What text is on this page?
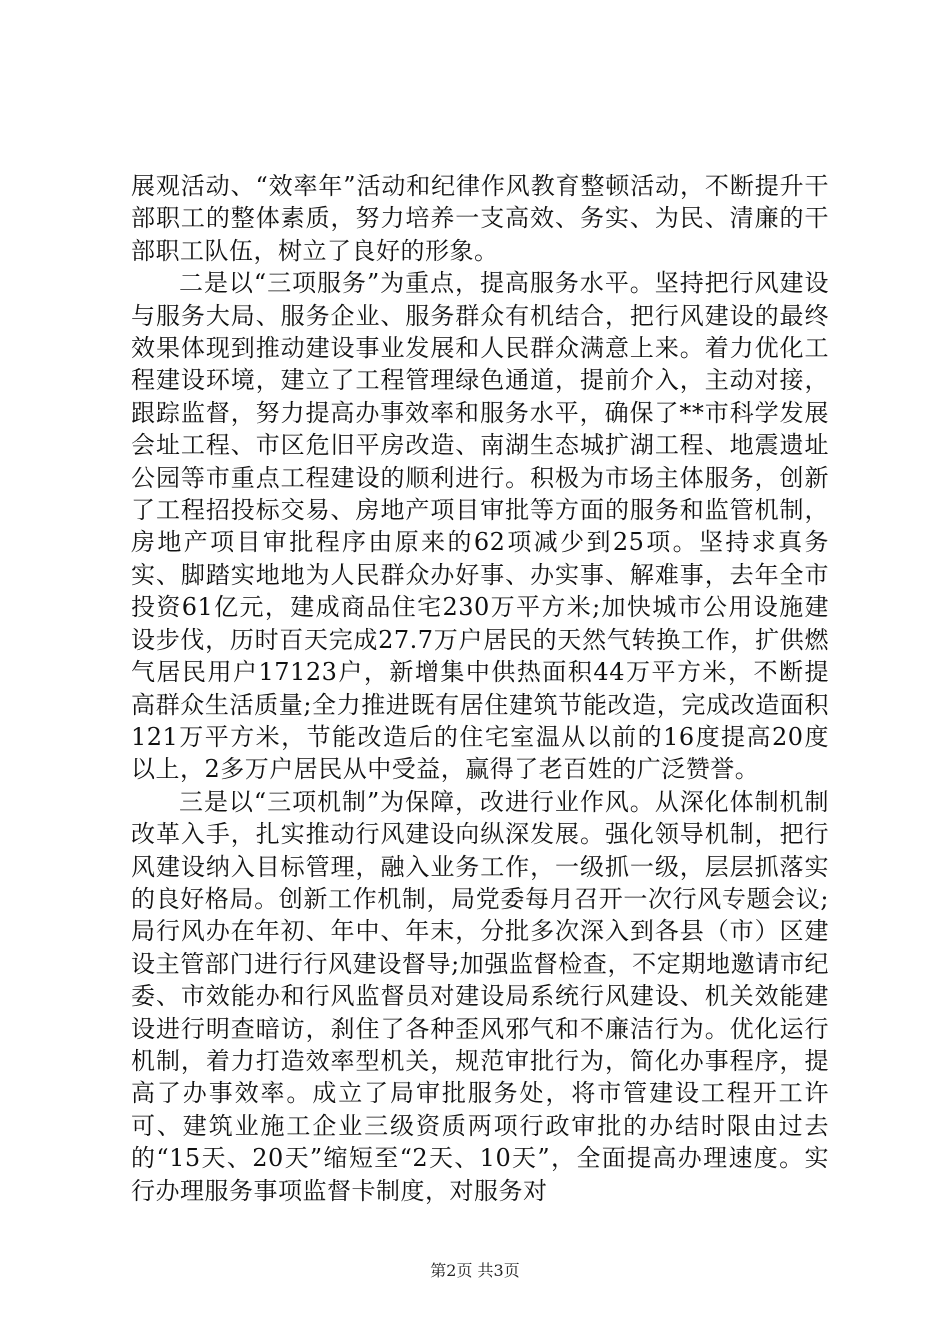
展观活动、“效率年”活动和纪律作风教育整顿活动，不断提升干部职工的整体素质，努力培养一支高效、务实、为民、清廉的干部职工队伍，树立了良好的形象。

二是以“三项服务”为重点，提高服务水平。坚持把行风建设与服务大局、服务企业、服务群众有机结合，把行风建设的最终效果体现到推动建设事业发展和人民群众满意上来。着力优化工程建设环境，建立了工程管理绿色通道，提前介入，主动对接，跟踪监督，努力提高办事效率和服务水平，确保了**市科学发展会址工程、市区危旧平房改造、南湖生态城扩湖工程、地震遗址公园等市重点工程建设的顺利进行。积极为市场主体服务，创新了工程招投标交易、房地产项目审批等方面的服务和监管机制，房地产项目审批程序由原来的62项减少到25项。坚持求真务实、脚踏实地地为人民群众办好事、办实事、解难事，去年全市投资61亿元，建成商品住宅230万平方米;加快城市公用设施建设步伐，历时百天完成27.7万户居民的天然气转换工作，扩供燃气居民用户17123户，新增集中供热面积44万平方米，不断提高群众生活质量;全力推进既有居住建筑节能改造，完成改造面积121万平方米，节能改造后的住宅室温从以前的16度提高20度以上，2多万户居民从中受益，赢得了老百姓的广泛赞誉。

三是以“三项机制”为保障，改进行业作风。从深化体制机制改革入手，扎实推动行风建设向纵深发展。强化领导机制，把行风建设纳入目标管理，融入业务工作，一级抓一级，层层抓落实的良好格局。创新工作机制，局党委每月召开一次行风专题会议;局行风办在年初、年中、年末，分批多次深入到各县（市）区建设主管部门进行行风建设督导;加强监督检查，不定期地邀请市纪委、市效能办和行风监督员对建设局系统行风建设、机关效能建设进行明查暗访，刹住了各种歪风邪气和不廉洁行为。优化运行机制，着力打造效率型机关，规范审批行为，简化办事程序，提高了办事效率。成立了局审批服务处，将市管建设工程开工许可、建筑业施工企业三级资质两项行政审批的办结时限由过去的“15天、20天”缩短至“2天、10天”，全面提高办理速度。实行办理服务事项监督卡制度，对服务对

第2页 共3页
